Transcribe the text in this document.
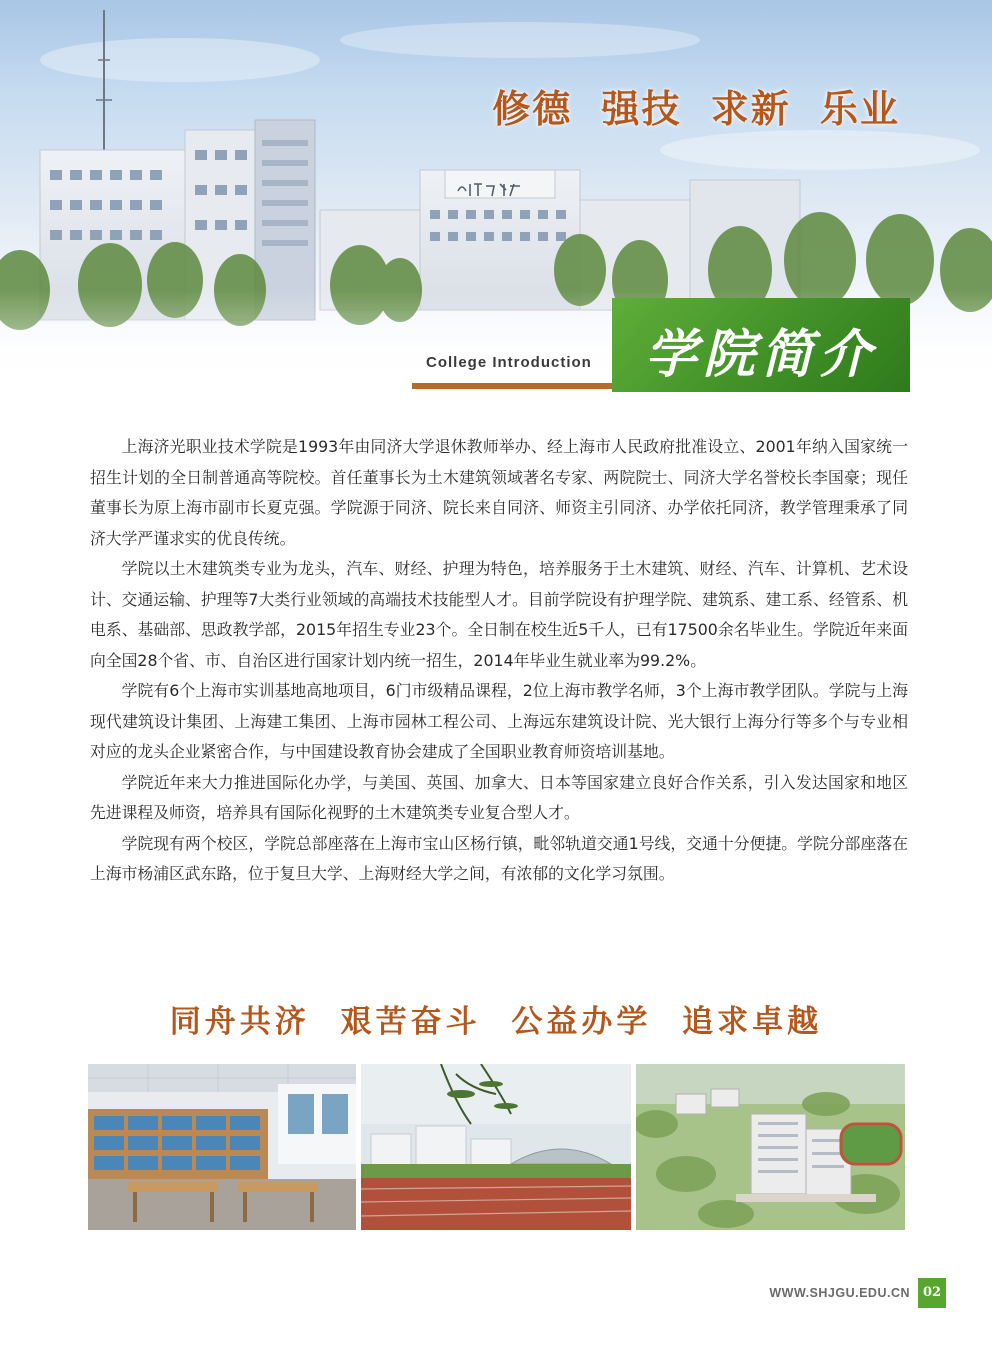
修德 强技 求新 乐业
College Introduction	学院简介

上海济光职业技术学院是1993年由同济大学退休教师举办、经上海市人民政府批准设立、2001年纳入国家统一招生计划的全日制普通高等院校。首任董事长为土木建筑领域著名专家、两院院士、同济大学名誉校长李国豪；现任董事长为原上海市副市长夏克强。学院源于同济、院长来自同济、师资主引同济、办学依托同济，教学管理秉承了同济大学严谨求实的优良传统。

学院以土木建筑类专业为龙头，汽车、财经、护理为特色，培养服务于土木建筑、财经、汽车、计算机、艺术设计、交通运输、护理等7大类行业领域的高端技术技能型人才。目前学院设有护理学院、建筑系、建工系、经管系、机电系、基础部、思政教学部，2015年招生专业23个。全日制在校生近5千人，已有17500余名毕业生。学院近年来面向全国28个省、市、自治区进行国家计划内统一招生，2014年毕业生就业率为99.2%。

学院有6个上海市实训基地高地项目，6门市级精品课程，2位上海市教学名师，3个上海市教学团队。学院与上海现代建筑设计集团、上海建工集团、上海市园林工程公司、上海远东建筑设计院、光大银行上海分行等多个与专业相对应的龙头企业紧密合作，与中国建设教育协会建成了全国职业教育师资培训基地。

学院近年来大力推进国际化办学，与美国、英国、加拿大、日本等国家建立良好合作关系，引入发达国家和地区先进课程及师资，培养具有国际化视野的土木建筑类专业复合型人才。

学院现有两个校区，学院总部座落在上海市宝山区杨行镇，毗邻轨道交通1号线，交通十分便捷。学院分部座落在上海市杨浦区武东路，位于复旦大学、上海财经大学之间，有浓郁的文化学习氛围。

同舟共济 艰苦奋斗 公益办学 追求卓越
WWW.SHJGU.EDU.CN 02
